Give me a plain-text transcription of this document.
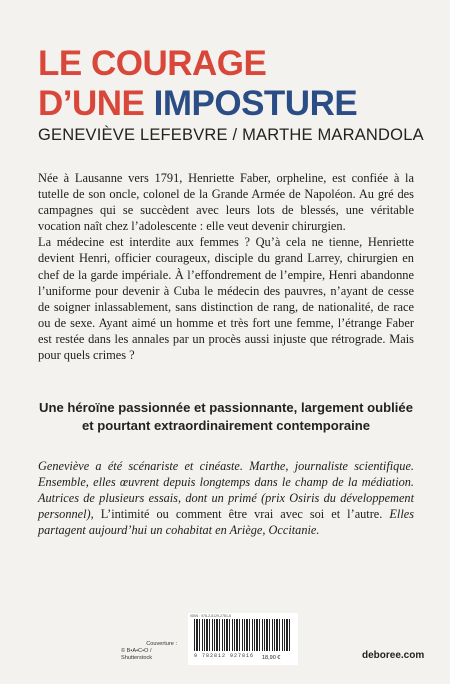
LE COURAGE
D’UNE IMPOSTURE
GENEVIÈVE LEFEBVRE / MARTHE MARANDOLA

Née à Lausanne vers 1791, Henriette Faber, orpheline, est confiée à la tutelle de son oncle, colonel de la Grande Armée de Napoléon. Au gré des campagnes qui se succèdent avec leurs lots de blessés, une véritable vocation naît chez l’adolescente : elle veut devenir chirurgien.

La médecine est interdite aux femmes ? Qu’à cela ne tienne, Henriette devient Henri, officier courageux, disciple du grand Larrey, chirurgien en chef de la garde impériale. À l’effondrement de l’empire, Henri abandonne l’uniforme pour devenir à Cuba le médecin des pauvres, n’ayant de cesse de soigner inlassablement, sans distinction de rang, de nationalité, de race ou de sexe. Ayant aimé un homme et très fort une femme, l’étrange Faber est restée dans les annales par un procès aussi injuste que rétrograde. Mais pour quels crimes ?

Une héroïne passionnée et passionnante, largement oubliée et pourtant extraordinairement contemporaine

Geneviève a été scénariste et cinéaste. Marthe, journaliste scientifique. Ensemble, elles œuvrent depuis longtemps dans le champ de la médiation. Autrices de plusieurs essais, dont un primé (prix Osiris du développement personnel), L’intimité ou comment être vrai avec soi et l’autre. Elles partagent aujourd’hui un cohabitat en Ariège, Occitanie.

Couverture :
© B•A•C•O / Shutterstock
ISBN : 978-2-8129-2781-6
9 782812 927816 18,90 €	deboree.com
